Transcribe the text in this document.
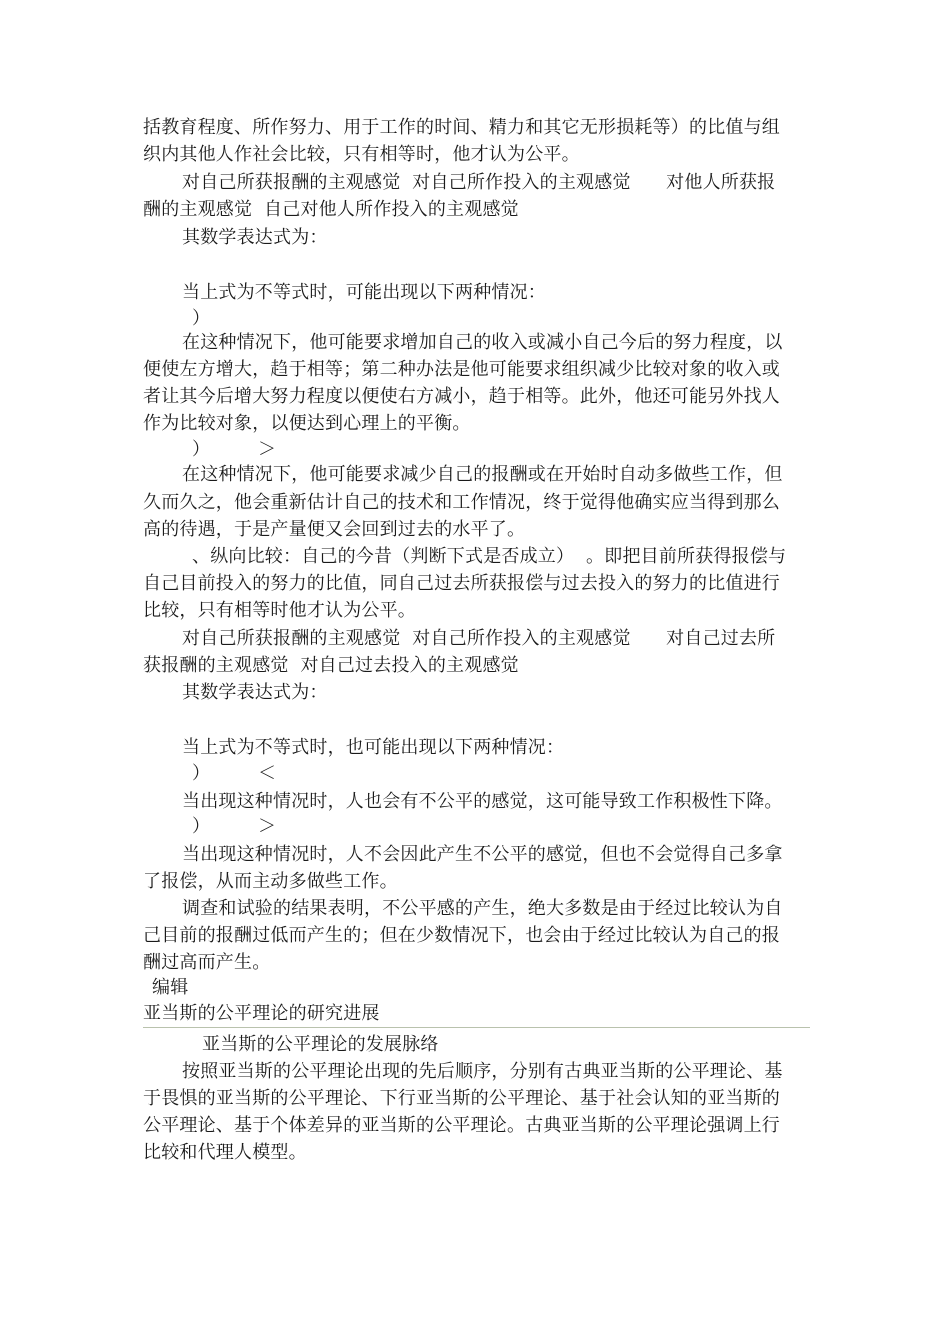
括教育程度、所作努力、用于工作的时间、精力和其它无形损耗等）的比值与组
织内其他人作社会比较，只有相等时，他才认为公平。
对自己所获报酬的主观感觉  对自己所作投入的主观感觉      对他人所获报
酬的主观感觉  自己对他人所作投入的主观感觉
其数学表达式为：
当上式为不等式时，可能出现以下两种情况：
）
在这种情况下，他可能要求增加自己的收入或减小自己今后的努力程度，以
便使左方增大，趋于相等；第二种办法是他可能要求组织减少比较对象的收入或
者让其今后增大努力程度以便使右方减小，趋于相等。此外，他还可能另外找人
作为比较对象，以便达到心理上的平衡。
）	＞
在这种情况下，他可能要求减少自己的报酬或在开始时自动多做些工作，但
久而久之，他会重新估计自己的技术和工作情况，终于觉得他确实应当得到那么
高的待遇，于是产量便又会回到过去的水平了。
、纵向比较：自己的今昔（判断下式是否成立）  。即把目前所获得报偿与
自己目前投入的努力的比值，同自己过去所获报偿与过去投入的努力的比值进行
比较，只有相等时他才认为公平。
对自己所获报酬的主观感觉  对自己所作投入的主观感觉      对自己过去所
获报酬的主观感觉  对自己过去投入的主观感觉
其数学表达式为：
当上式为不等式时，也可能出现以下两种情况：
）	＜
当出现这种情况时，人也会有不公平的感觉，这可能导致工作积极性下降。
）	＞
当出现这种情况时，人不会因此产生不公平的感觉，但也不会觉得自己多拿
了报偿，从而主动多做些工作。
调查和试验的结果表明，不公平感的产生，绝大多数是由于经过比较认为自
己目前的报酬过低而产生的；但在少数情况下，也会由于经过比较认为自己的报
酬过高而产生。
编辑
亚当斯的公平理论的研究进展
亚当斯的公平理论的发展脉络
按照亚当斯的公平理论出现的先后顺序，分别有古典亚当斯的公平理论、基
于畏惧的亚当斯的公平理论、下行亚当斯的公平理论、基于社会认知的亚当斯的
公平理论、基于个体差异的亚当斯的公平理论。古典亚当斯的公平理论强调上行
比较和代理人模型。
